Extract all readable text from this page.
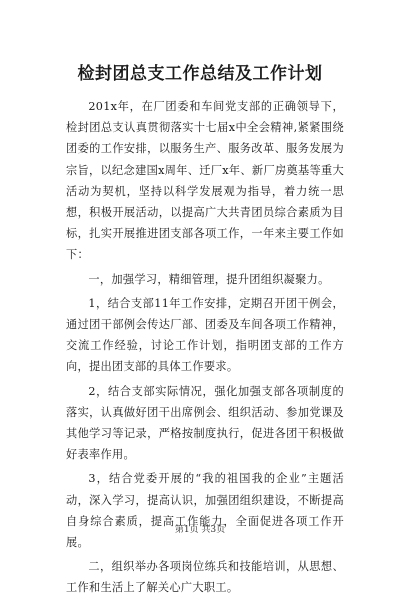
检封团总支工作总结及工作计划

201x年，在厂团委和车间党支部的正确领导下，检封团总支认真贯彻落实十七届x中全会精神,紧紧围绕团委的工作安排，以服务生产、服务改革、服务发展为宗旨，以纪念建国x周年、迁厂x年、新厂房奠基等重大活动为契机，坚持以科学发展观为指导，着力统一思想，积极开展活动，以提高广大共青团员综合素质为目标，扎实开展推进团支部各项工作，一年来主要工作如下：

一，加强学习，精细管理，提升团组织凝聚力。

1，结合支部11年工作安排，定期召开团干例会，通过团干部例会传达厂部、团委及车间各项工作精神，交流工作经验，讨论工作计划，指明团支部的工作方向，提出团支部的具体工作要求。

2，结合支部实际情况，强化加强支部各项制度的落实，认真做好团干出席例会、组织活动、参加党课及其他学习等记录，严格按制度执行，促进各团干积极做好表率作用。

3，结合党委开展的“我的祖国我的企业”主题活动，深入学习，提高认识，加强团组织建设，不断提高自身综合素质，提高工作能力，全面促进各项工作开展。

二，组织举办各项岗位练兵和技能培训，从思想、工作和生活上了解关心广大职工。

第1页 共3页
